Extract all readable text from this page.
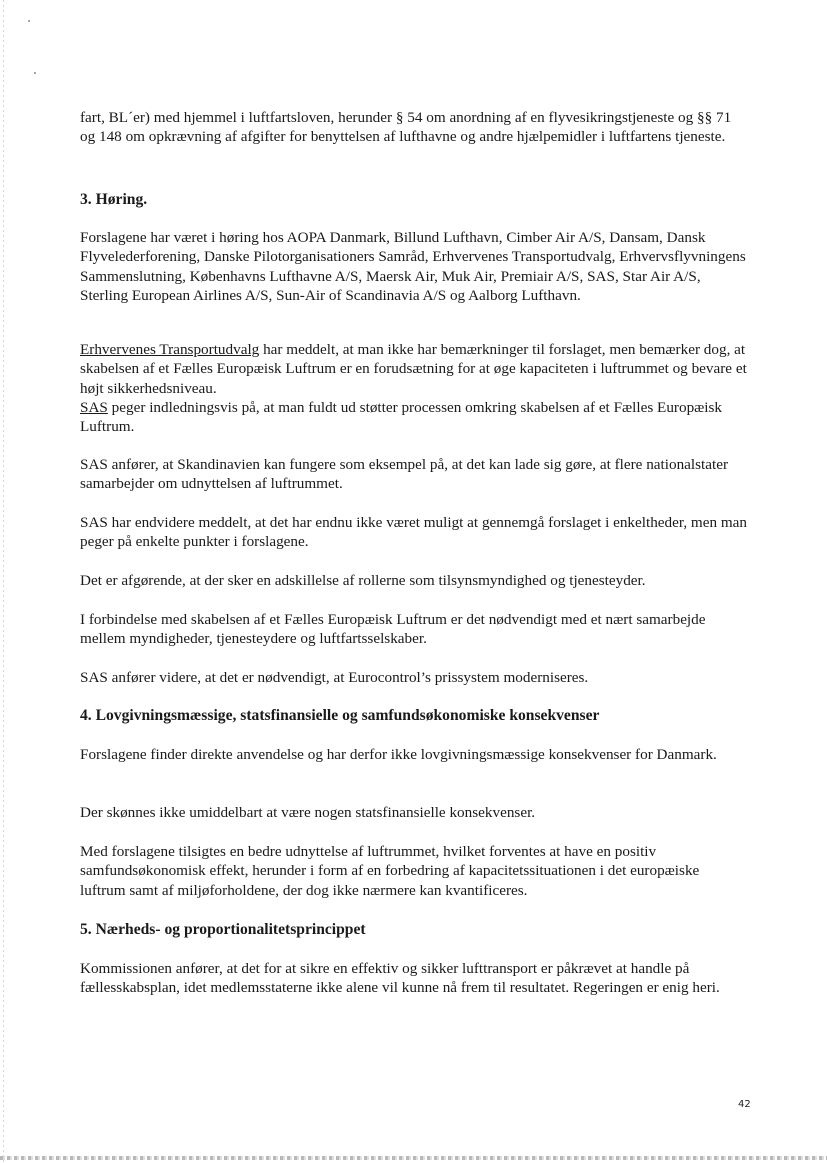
fart, BL´er) med hjemmel i luftfartsloven, herunder § 54 om anordning af en flyvesikringstjeneste og §§ 71 og 148 om opkrævning af afgifter for benyttelsen af lufthavne og andre hjælpemidler i luftfartens tjeneste.

3. Høring.

Forslagene har været i høring hos AOPA Danmark, Billund Lufthavn, Cimber Air A/S, Dansam, Dansk Flyvelederforening, Danske Pilotorganisationers Samråd, Erhvervenes Transportudvalg, Erhvervsflyvningens Sammenslutning, Københavns Lufthavne A/S, Maersk Air, Muk Air, Premiair A/S, SAS, Star Air A/S, Sterling European Airlines A/S, Sun-Air of Scandinavia A/S og Aalborg Lufthavn.

Erhvervenes Transportudvalg har meddelt, at man ikke har bemærkninger til forslaget, men bemærker dog, at skabelsen af et Fælles Europæisk Luftrum er en forudsætning for at øge kapaciteten i luftrummet og bevare et højt sikkerhedsniveau.

SAS peger indledningsvis på, at man fuldt ud støtter processen omkring skabelsen af et Fælles Europæisk Luftrum.

SAS anfører, at Skandinavien kan fungere som eksempel på, at det kan lade sig gøre, at flere nationalstater samarbejder om udnyttelsen af luftrummet.

SAS har endvidere meddelt, at det har endnu ikke været muligt at gennemgå forslaget i enkeltheder, men man peger på enkelte punkter i forslagene.

Det er afgørende, at der sker en adskillelse af rollerne som tilsynsmyndighed og tjenesteyder.

I forbindelse med skabelsen af et Fælles Europæisk Luftrum er det nødvendigt med et nært samarbejde mellem myndigheder, tjenesteydere og luftfartsselskaber.

SAS anfører videre, at det er nødvendigt, at Eurocontrol’s prissystem moderniseres.

4. Lovgivningsmæssige, statsfinansielle og samfundsøkonomiske konsekvenser

Forslagene finder direkte anvendelse og har derfor ikke lovgivningsmæssige konsekvenser for Danmark.

Der skønnes ikke umiddelbart at være nogen statsfinansielle konsekvenser.

Med forslagene tilsigtes en bedre udnyttelse af luftrummet, hvilket forventes at have en positiv samfundsøkonomisk effekt, herunder i form af en forbedring af kapacitetssituationen i det europæiske luftrum samt af miljøforholdene, der dog ikke nærmere kan kvantificeres.

5. Nærheds- og proportionalitetsprincippet

Kommissionen anfører, at det for at sikre en effektiv og sikker lufttransport er påkrævet at handle på fællesskabsplan, idet medlemsstaterne ikke alene vil kunne nå frem til resultatet. Regeringen er enig heri.

42
